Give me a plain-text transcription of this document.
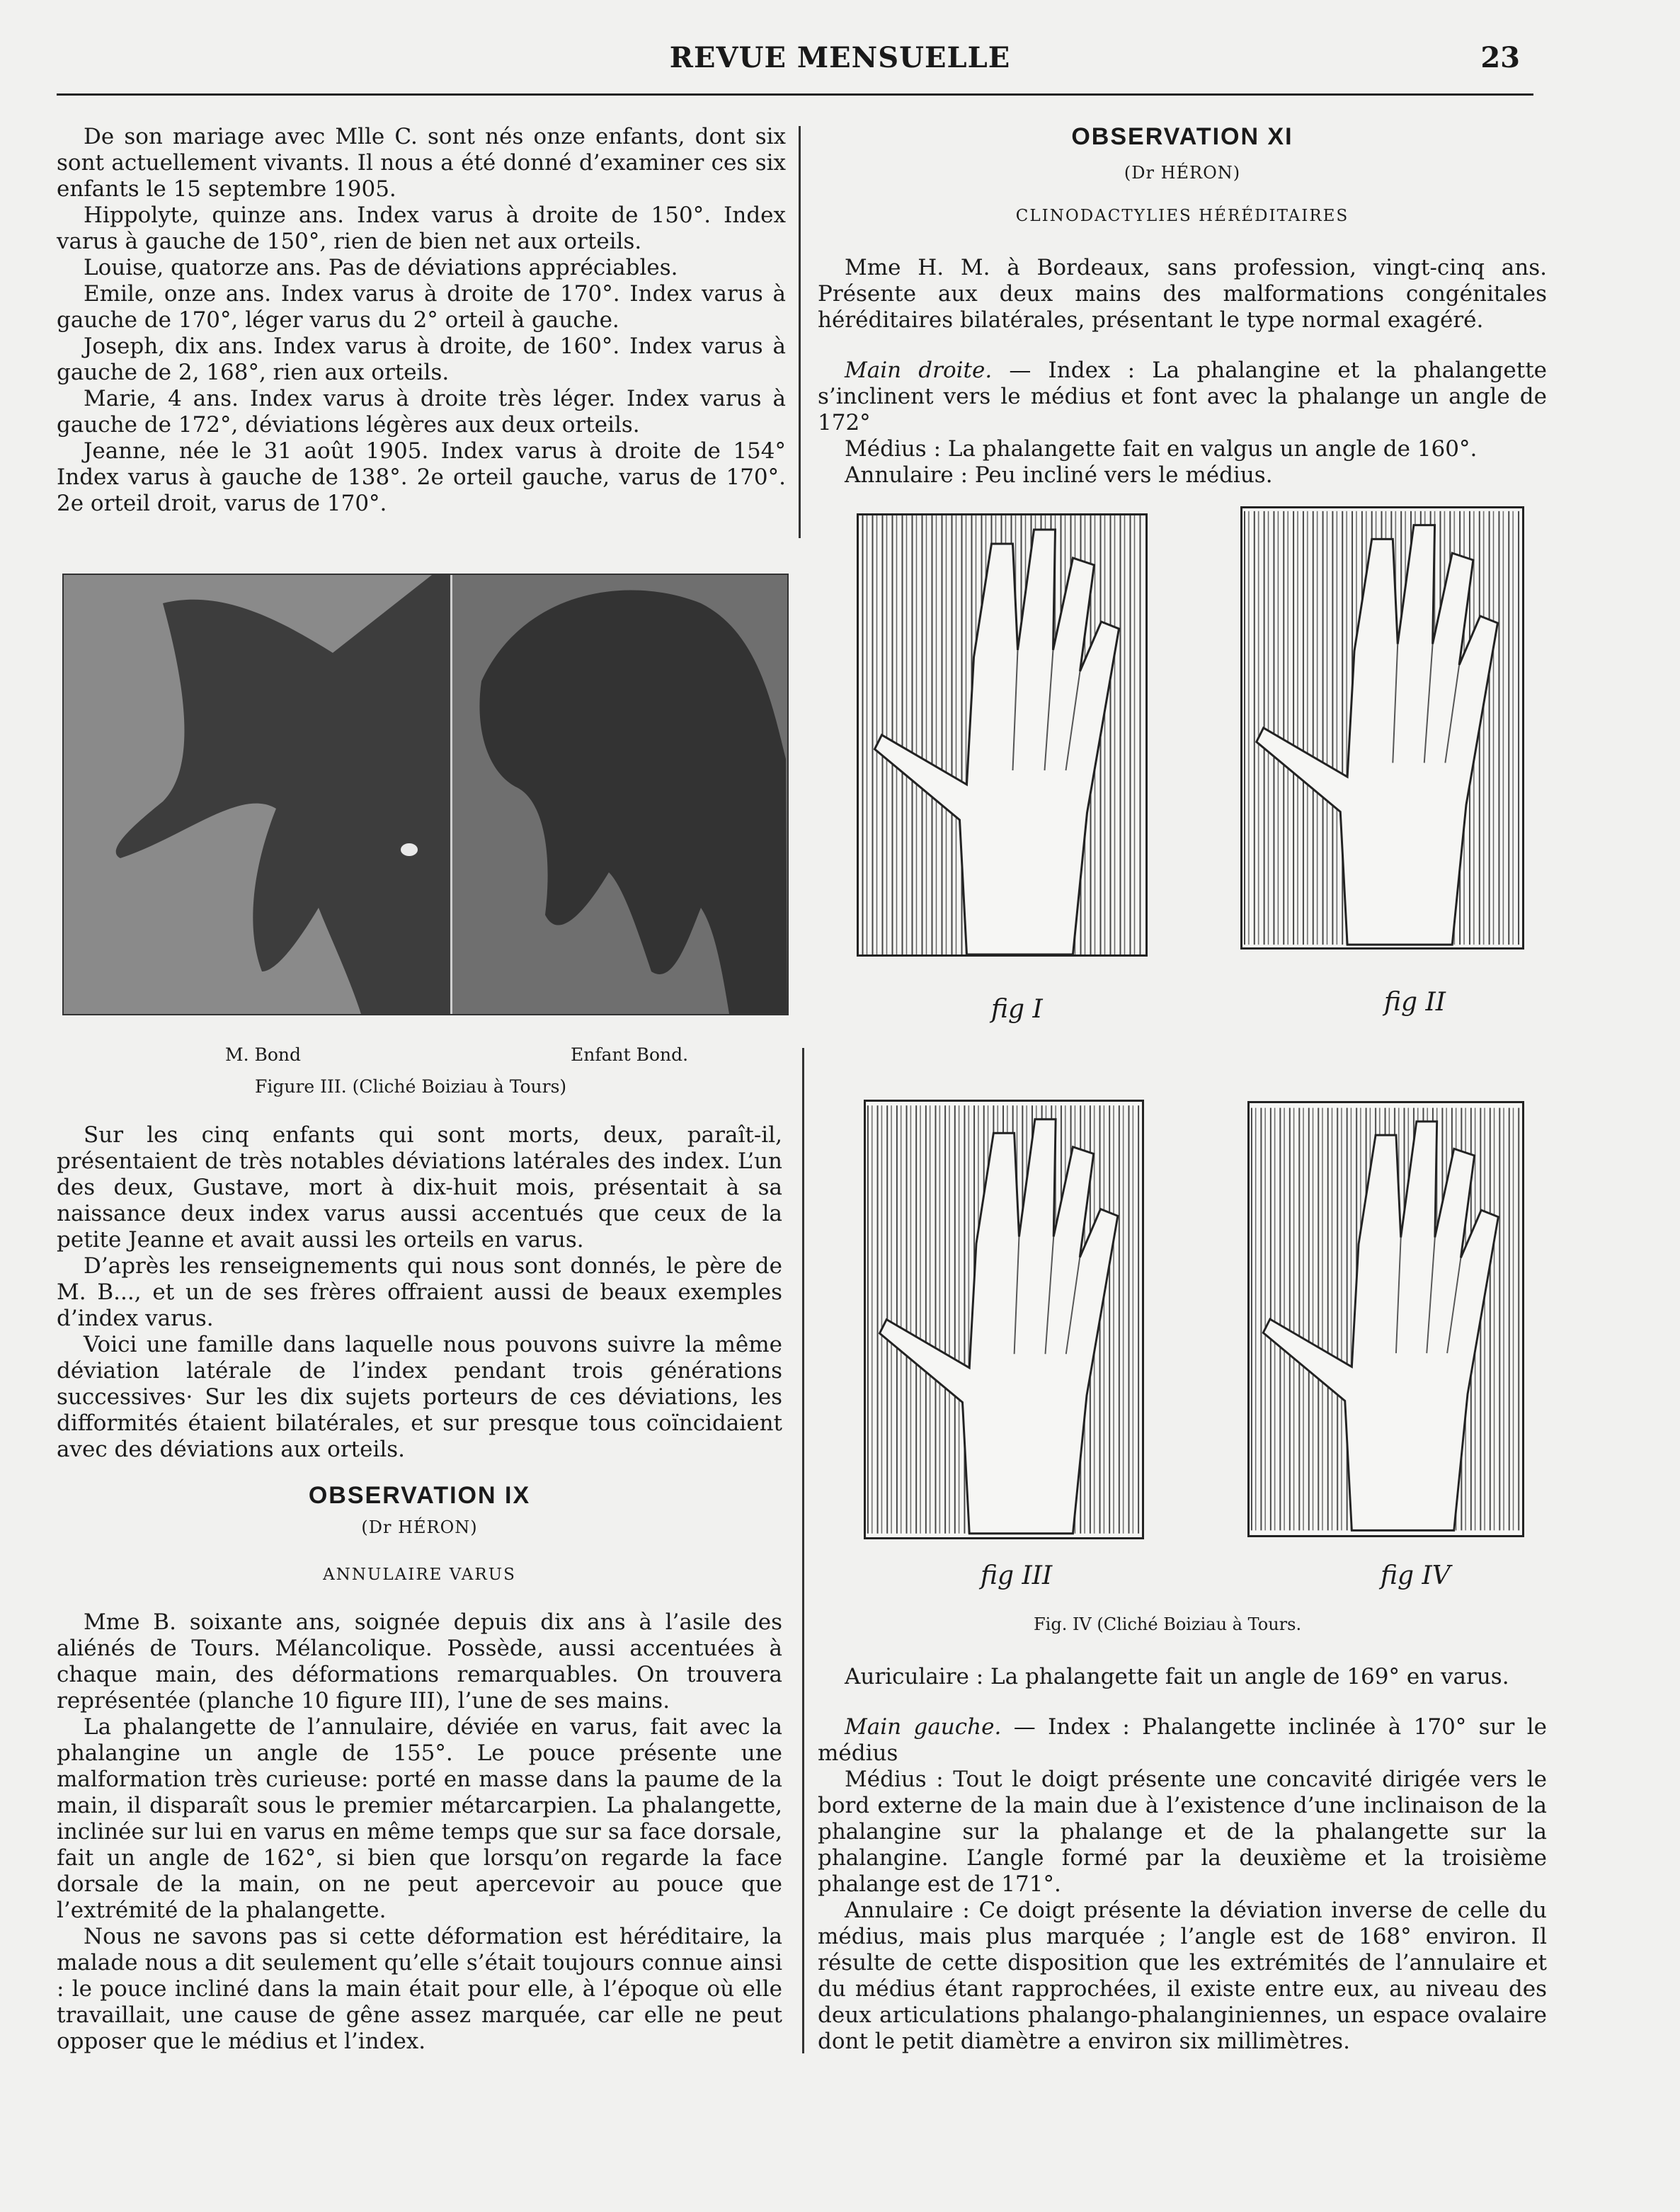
REVUE MENSUELLE	23

De son mariage avec Mlle C. sont nés onze enfants, dont six sont actuellement vivants. Il nous a été donné d’examiner ces six enfants le 15 septembre 1905.

Hippolyte, quinze ans. Index varus à droite de 150°. Index varus à gauche de 150°, rien de bien net aux orteils.

Louise, quatorze ans. Pas de déviations appréciables.

Emile, onze ans. Index varus à droite de 170°. Index varus à gauche de 170°, léger varus du 2° orteil à gauche.

Joseph, dix ans. Index varus à droite, de 160°. Index varus à gauche de 2, 168°, rien aux orteils.

Marie, 4 ans. Index varus à droite très léger. Index varus à gauche de 172°, déviations légères aux deux orteils.

Jeanne, née le 31 août 1905. Index varus à droite de 154° Index varus à gauche de 138°. 2e orteil gauche, varus de 170°. 2e orteil droit, varus de 170°.

M. Bond	Enfant Bond.
Figure III. (Cliché Boiziau à Tours)

Sur les cinq enfants qui sont morts, deux, paraît-il, présentaient de très notables déviations latérales des index. L’un des deux, Gustave, mort à dix-huit mois, présentait à sa naissance deux index varus aussi accentués que ceux de la petite Jeanne et avait aussi les orteils en varus.

D’après les renseignements qui nous sont donnés, le père de M. B..., et un de ses frères offraient aussi de beaux exemples d’index varus.

Voici une famille dans laquelle nous pouvons suivre la même déviation latérale de l’index pendant trois générations successives· Sur les dix sujets porteurs de ces déviations, les difformités étaient bilatérales, et sur presque tous coïncidaient avec des déviations aux orteils.

OBSERVATION IX
(Dr HÉRON)
ANNULAIRE VARUS

Mme B. soixante ans, soignée depuis dix ans à l’asile des aliénés de Tours. Mélancolique. Possède, aussi accentuées à chaque main, des déformations remarquables. On trouvera représentée (planche 10 figure III), l’une de ses mains.

La phalangette de l’annulaire, déviée en varus, fait avec la phalangine un angle de 155°. Le pouce présente une malformation très curieuse: porté en masse dans la paume de la main, il disparaît sous le premier métarcarpien. La phalangette, inclinée sur lui en varus en même temps que sur sa face dorsale, fait un angle de 162°, si bien que lorsqu’on regarde la face dorsale de la main, on ne peut apercevoir au pouce que l’extrémité de la phalangette.

Nous ne savons pas si cette déformation est héréditaire, la malade nous a dit seulement qu’elle s’était toujours connue ainsi : le pouce incliné dans la main était pour elle, à l’époque où elle travaillait, une cause de gêne assez marquée, car elle ne peut opposer que le médius et l’index.

OBSERVATION XI
(Dr HÉRON)
CLINODACTYLIES HÉRÉDITAIRES

Mme H. M. à Bordeaux, sans profession, vingt-cinq ans. Présente aux deux mains des malformations congénitales héréditaires bilatérales, présentant le type normal exagéré.

Main droite. — Index : La phalangine et la phalangette s’inclinent vers le médius et font avec la phalange un angle de 172°

Médius : La phalangette fait en valgus un angle de 160°.

Annulaire : Peu incliné vers le médius.

fig I	fig II
fig III	fig IV
Fig. IV (Cliché Boiziau à Tours.

Auriculaire : La phalangette fait un angle de 169° en varus.

Main gauche. — Index : Phalangette inclinée à 170° sur le médius

Médius : Tout le doigt présente une concavité dirigée vers le bord externe de la main due à l’existence d’une inclinaison de la phalangine sur la phalange et de la phalangette sur la phalangine. L’angle formé par la deuxième et la troisième phalange est de 171°.

Annulaire : Ce doigt présente la déviation inverse de celle du médius, mais plus marquée ; l’angle est de 168° environ. Il résulte de cette disposition que les extrémités de l’annulaire et du médius étant rapprochées, il existe entre eux, au niveau des deux articulations phalango-phalanginiennes, un espace ovalaire dont le petit diamètre a environ six millimètres.
